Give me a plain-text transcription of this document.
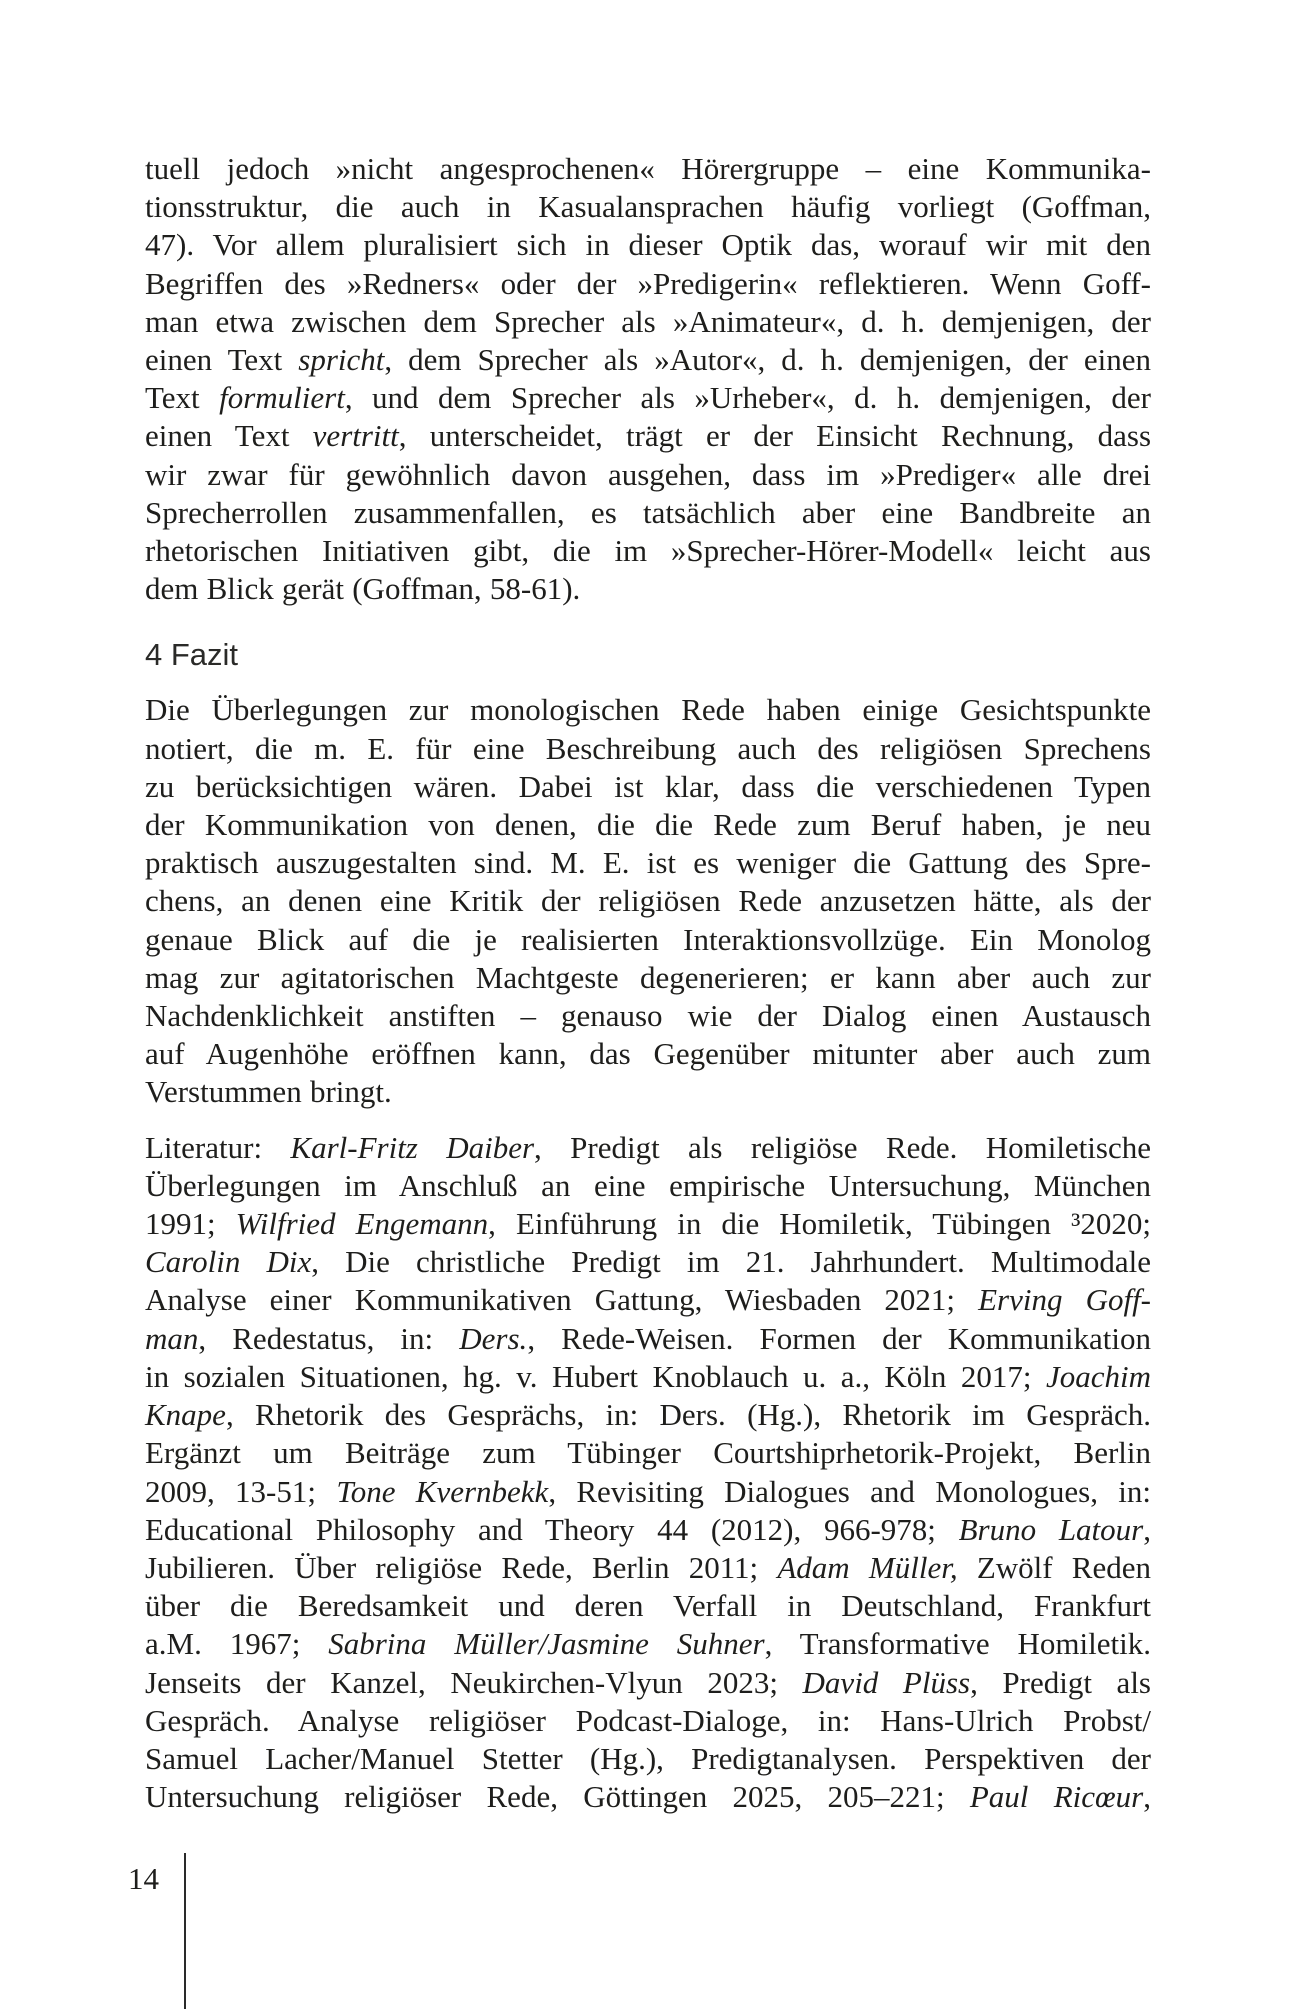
tuell jedoch »nicht angesprochenen« Hörergruppe – eine Kommunika-
tionsstruktur, die auch in Kasualansprachen häufig vorliegt (Goffman,
47). Vor allem pluralisiert sich in dieser Optik das, worauf wir mit den
Begriffen des »Redners« oder der »Predigerin« reflektieren. Wenn Goff-
man etwa zwischen dem Sprecher als »Animateur«, d. h. demjenigen, der
einen Text spricht, dem Sprecher als »Autor«, d. h. demjenigen, der einen
Text formuliert, und dem Sprecher als »Urheber«, d. h. demjenigen, der
einen Text vertritt, unterscheidet, trägt er der Einsicht Rechnung, dass
wir zwar für gewöhnlich davon ausgehen, dass im »Prediger« alle drei
Sprecherrollen zusammenfallen, es tatsächlich aber eine Bandbreite an
rhetorischen Initiativen gibt, die im »Sprecher-Hörer-Modell« leicht aus
dem Blick gerät (Goffman, 58-61).
4 Fazit
Die Überlegungen zur monologischen Rede haben einige Gesichtspunkte
notiert, die m. E. für eine Beschreibung auch des religiösen Sprechens
zu berücksichtigen wären. Dabei ist klar, dass die verschiedenen Typen
der Kommunikation von denen, die die Rede zum Beruf haben, je neu
praktisch auszugestalten sind. M. E. ist es weniger die Gattung des Spre-
chens, an denen eine Kritik der religiösen Rede anzusetzen hätte, als der
genaue Blick auf die je realisierten Interaktionsvollzüge. Ein Monolog
mag zur agitatorischen Machtgeste degenerieren; er kann aber auch zur
Nachdenklichkeit anstiften – genauso wie der Dialog einen Austausch
auf Augenhöhe eröffnen kann, das Gegenüber mitunter aber auch zum
Verstummen bringt.
Literatur: Karl-Fritz Daiber, Predigt als religiöse Rede. Homiletische
Überlegungen im Anschluß an eine empirische Untersuchung, München
1991; Wilfried Engemann, Einführung in die Homiletik, Tübingen ³2020;
Carolin Dix, Die christliche Predigt im 21. Jahrhundert. Multimodale
Analyse einer Kommunikativen Gattung, Wiesbaden 2021; Erving Goff-
man, Redestatus, in: Ders., Rede-Weisen. Formen der Kommunikation
in sozialen Situationen, hg. v. Hubert Knoblauch u. a., Köln 2017; Joachim
Knape, Rhetorik des Gesprächs, in: Ders. (Hg.), Rhetorik im Gespräch.
Ergänzt um Beiträge zum Tübinger Courtshiprhetorik-Projekt, Berlin
2009, 13-51; Tone Kvernbekk, Revisiting Dialogues and Monologues, in:
Educational Philosophy and Theory 44 (2012), 966-978; Bruno Latour,
Jubilieren. Über religiöse Rede, Berlin 2011; Adam Müller, Zwölf Reden
über die Beredsamkeit und deren Verfall in Deutschland, Frankfurt
a.M. 1967; Sabrina Müller/Jasmine Suhner, Transformative Homiletik.
Jenseits der Kanzel, Neukirchen-Vlyun 2023; David Plüss, Predigt als
Gespräch. Analyse religiöser Podcast-Dialoge, in: Hans-Ulrich Probst/
Samuel Lacher/Manuel Stetter (Hg.), Predigtanalysen. Perspektiven der
Untersuchung religiöser Rede, Göttingen 2025, 205–221; Paul Ricœur,
14
